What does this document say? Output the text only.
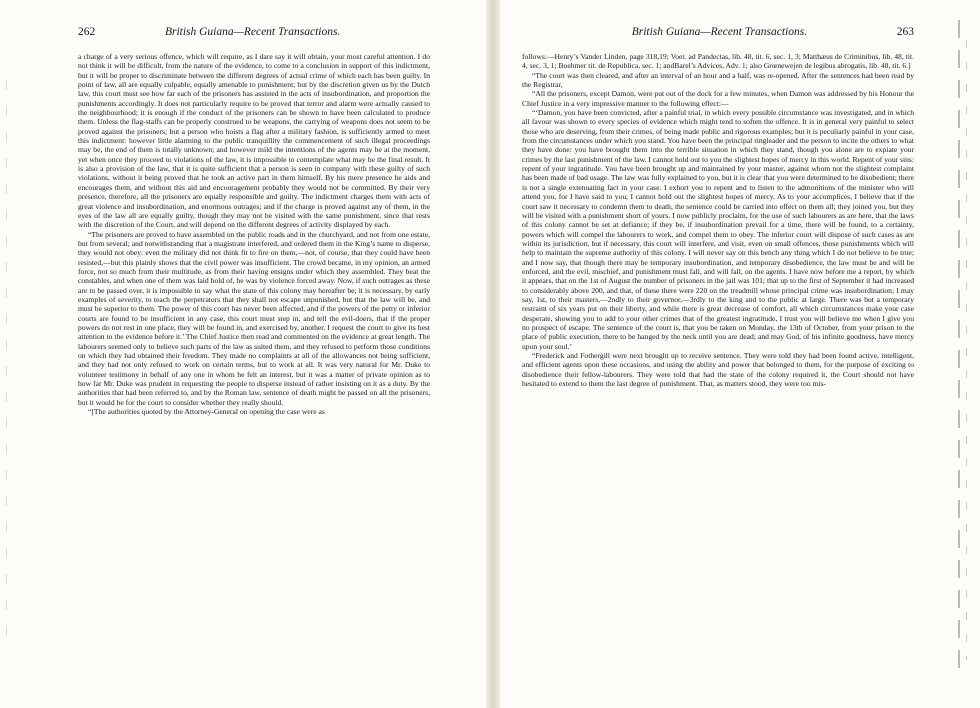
262	British Guiana—Recent Transactions.

a charge of a very serious offence, which will require, as I dare say it will obtain, your most careful attention. I do not think it will be difficult, from the nature of the evidence, to come to a conclusion in support of this indictment, but it will be proper to discriminate between the different degrees of actual crime of which each has been guilty. In point of law, all are equally culpable, equally amenable to punishment; but by the discretion given us by the Dutch law, this court must see how far each of the prisoners has assisted in the acts of insubordination, and proportion the punishments accordingly. It does not particularly require to be proved that terror and alarm were actually caused to the neighbourhood; it is enough if the conduct of the prisoners can be shown to have been calculated to produce them. Unless the flag-staffs can be properly construed to be weapons, the carrying of weapons does not seem to be proved against the prisoners; but a person who hoists a flag after a military fashion, is sufficiently armed to meet this indictment: however little alarming to the public tranquillity the commencement of such illegal proceedings may be, the end of them is totally unknown; and however mild the intentions of the agents may be at the moment, yet when once they proceed to violations of the law, it is impossible to contemplate what may be the final result. It is also a provision of the law, that it is quite sufficient that a person is seen in company with these guilty of such violations, without it being proved that he took an active part in them himself. By his mere presence he aids and encourages them, and without this aid and encouragement probably they would not be committed. By their very presence, therefore, all the prisoners are equally responsible and guilty. The indictment charges them with acts of great violence and insubordination, and enormous outrages; and if the charge is proved against any of them, in the eyes of the law all are equally guilty, though they may not be visited with the same punishment, since that rests with the discretion of the Court, and will depend on the different degrees of activity displayed by each.

“The prisoners are proved to have assembled on the public roads and in the churchyard, and not from one estate, but from several; and notwithstanding that a magistrate interfered, and ordered them in the King’s name to disperse, they would not obey: even the military did not think fit to fire on them,—not, of course, that they could have been resisted,—but this plainly shows that the civil power was insufficient. The crowd became, in my opinion, an armed force, not so much from their multitude, as from their having ensigns under which they assembled. They beat the constables, and when one of them was laid hold of, he was by violence forced away. Now, if such outrages as these are to be passed over, it is impossible to say what the state of this colony may hereafter be; it is necessary, by early examples of severity, to teach the perpetrators that they shall not escape unpunished, but that the law will be, and must be superior to them. The power of this court has never been affected, and if the powers of the petty or inferior courts are found to be insufficient in any case, this court must step in, and tell the evil-doers, that if the proper powers do not rest in one place, they will be found in, and exercised by, another. I request the court to give its best attention to the evidence before it.’ The Chief Justice then read and commented on the evidence at great length. The labourers seemed only to believe such parts of the law as suited them, and they refused to perform those conditions on which they had obtained their freedom. They made no complaints at all of the allowances not being sufficient, and they had not only refused to work on certain terms, but to work at all. It was very natural for Mr. Duke to volunteer testimony in behalf of any one in whom he felt an interest, but it was a matter of private opinion as to how far Mr. Duke was prudent in requesting the people to disperse instead of rather insisting on it as a duty. By the authorities that had been referred to, and by the Roman law, sentence of death might be passed on all the prisoners, but it would be for the court to consider whether they really should.

“[The authorities quoted by the Attorney-General on opening the case were as

British Guiana—Recent Transactions.	263

follows:—Henry’s Vander Linden, page 318,19; Voet. ad Pandectas, lib. 48, tit. 6, sec. 1, 3; Matthæus de Criminibus, lib. 48, tit. 4, sec. 3, 1; Boehmer tit. de Republica, sec. 1; andBarel’s Advices, Adv. 1; also Grœnewejen de legibus abrogatis, lib. 48, tit. 6.]

“The court was then cleared, and after an interval of an hour and a half, was re-opened. After the sentences had been read by the Registrar,

“All the prisoners, except Damon, were put out of the dock for a few minutes, when Damon was addressed by his Honour the Chief Justice in a very impressive manner to the following effect:—

“‘Damon, you have been convicted, after a painful trial, in which every possible circumstance was investigated, and in which all favour was shown to every species of evidence which might tend to soften the offence. It is in general very painful to select those who are deserving, from their crimes, of being made public and rigorous examples; but it is peculiarly painful in your case, from the circumstances under which you stand. You have been the principal ringleader and the person to incite the others to what they have done: you have brought them into the terrible situation in which they stand, though you alone are to expiate your crimes by the last punishment of the law. I cannot hold out to you the slightest hopes of mercy in this world. Repent of your sins: repent of your ingratitude. You have been brought up and maintained by your master, against whom not the slightest complaint has been made of bad usage. The law was fully explained to you, but it is clear that you were determined to be disobedient; there is not a single extenuating fact in your case. I exhort you to repent and to listen to the admonitions of the minister who will attend you, for I have said to you, I cannot hold out the slightest hopes of mercy. As to your accomplices, I believe that if the court saw it necessary to condemn them to death, the sentence could be carried into effect on them all; they joined you, but they will be visited with a punishment short of yours. I now publicly proclaim, for the use of such labourers as are here, that the laws of this colony cannot be set at defiance; if they be, if insubordination prevail for a time, there will be found, to a certainty, powers which will compel the labourers to work, and compel them to obey. The inferior court will dispose of such cases as are within its jurisdiction, but if necessary, this court will interfere, and visit, even on small offences, those punishments which will help to maintain the supreme authority of this colony. I will never say on this bench any thing which I do not believe to be true; and I now say, that though there may be temporary insubordination, and temporary disobedience, the law must be and will be enforced, and the evil, mischief, and punishment must fall, and will fall, on the agents. I have now before me a report, by which it appears, that on the 1st of August the number of prisoners in the jail was 101; that up to the first of September it had increased to considerably above 200, and that, of these there were 220 on the treadmill whose principal crime was insubordination; I may say, 1st, to their masters,—2ndly to their governor,—3rdly to the king and to the public at large. There was but a temporary restraint of six years put on their liberty, and while there is great decrease of comfort, all which circumstances make your case desperate, showing you to add to your other crimes that of the greatest ingratitude, I trust you will believe me when I give you no prospect of escape. The sentence of the court is, that you be taken on Monday, the 13th of October, from your prison to the place of public execution, there to be hanged by the neck until you are dead; and may God, of his infinite goodness, have mercy upon your soul.’

“Frederick and Fothergill were next brought up to receive sentence. They were told they had been found active, intelligent, and efficient agents upon these occasions, and using the ability and power that belonged to them, for the purpose of exciting to disobedience their fellow-labourers. They were told that had the state of the colony required it, the Court should not have hesitated to extend to them the last degree of punishment. That, as matters stood, they were too mis-
